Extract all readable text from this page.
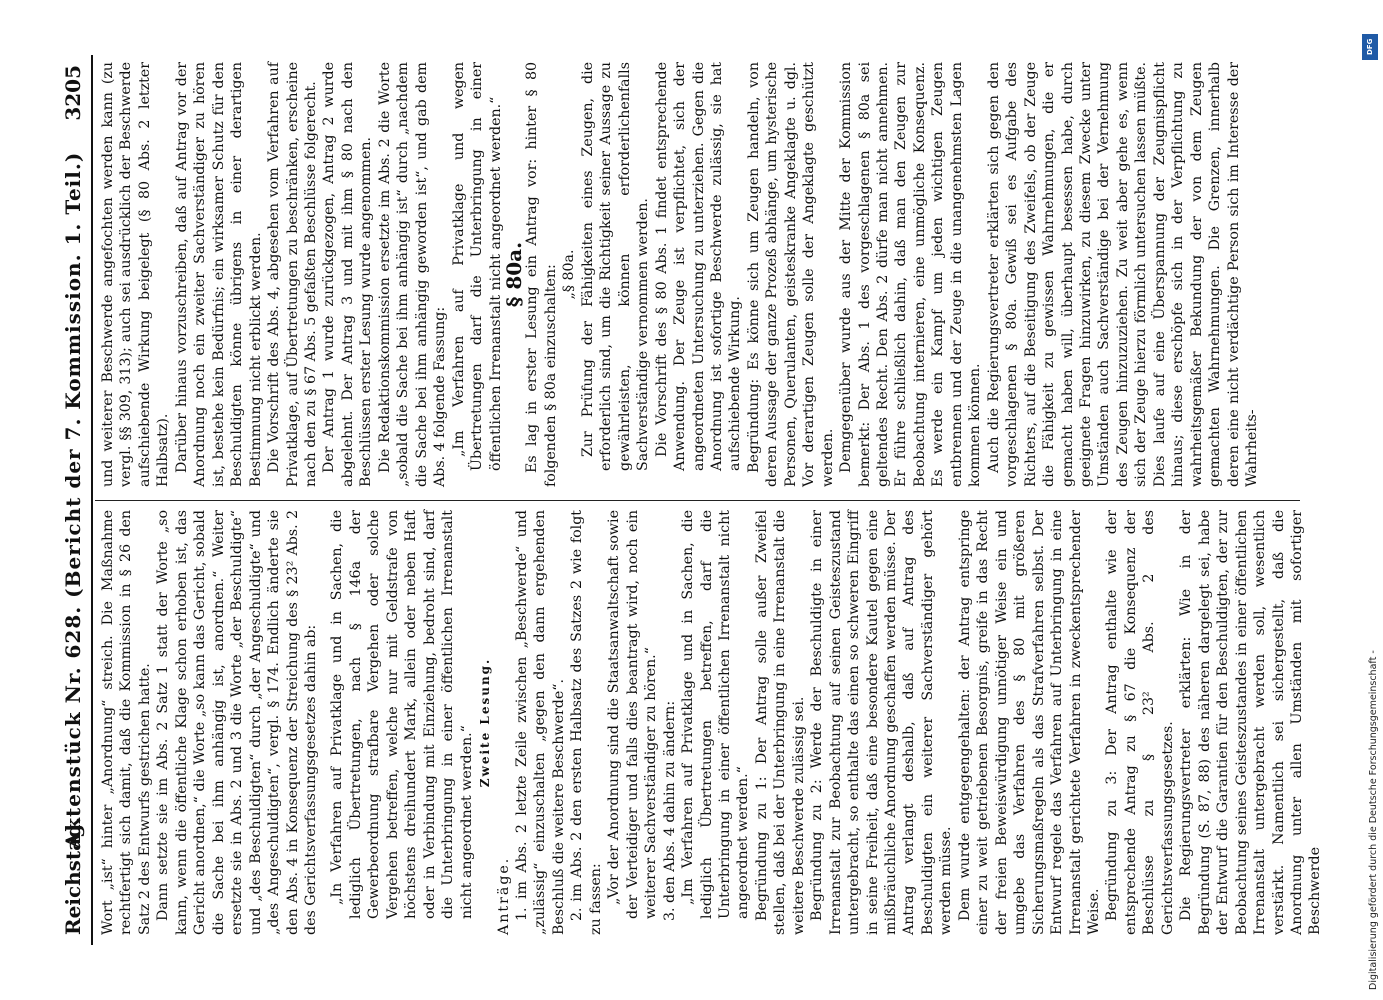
Reichstag.
Aktenstück Nr. 628. (Bericht der 7. Kommission. 1. Teil.)
3205

Wort „ist“ hinter „Anordnung“ streich. Die Maßnahme rechtfertigt sich damit, daß die Kommission in § 26 den Satz 2 des Entwurfs gestrichen hatte. Dann setzte sie im Abs. 2 Satz 1 statt der Worte „so kann, wenn die öffentliche Klage schon erhoben ist, das Gericht anordnen,“ die Worte „so kann das Gericht, sobald die Sache bei ihm anhängig ist, anordnen.“ Weiter ersetzte sie in Abs. 2 und 3 die Worte „der Beschuldigte“ und „des Beschuldigten“ durch „der Angeschuldigte“ und „des Angeschuldigten“, vergl. § 174. Endlich änderte sie den Abs. 4 in Konsequenz der Streichung des § 23² Abs. 2 des Gerichtsverfassungsgesetzes dahin ab: „In Verfahren auf Privatklage und in Sachen, die lediglich Übertretungen, nach § 146a der Gewerbeordnung strafbare Vergehen oder solche Vergehen betreffen, welche nur mit Geldstrafe von höchstens dreihundert Mark, allein oder neben Haft oder in Verbindung mit Einziehung, bedroht sind, darf die Unterbringung in einer öffentlichen Irrenanstalt nicht angeordnet werden.“

Zweite Lesung.

Anträge. 1. im Abs. 2 letzte Zeile zwischen „Beschwerde“ und „zulässig“ einzuschalten „gegen den dann ergehenden Beschluß die weitere Beschwerde“. 2. im Abs. 2 den ersten Halbsatz des Satzes 2 wie folgt zu fassen: „Vor der Anordnung sind die Staatsanwaltschaft sowie der Verteidiger und falls dies beantragt wird, noch ein weiterer Sachverständiger zu hören.“ 3. den Abs. 4 dahin zu ändern: „Im Verfahren auf Privatklage und in Sachen, die lediglich Übertretungen betreffen, darf die Unterbringung in einer öffentlichen Irrenanstalt nicht angeordnet werden.“ Begründung zu 1: Der Antrag solle außer Zweifel stellen, daß bei der Unterbringung in eine Irrenanstalt die weitere Beschwerde zulässig sei. Begründung zu 2: Werde der Beschuldigte in einer Irrenanstalt zur Beobachtung auf seinen Geisteszustand untergebracht, so enthalte das einen so schweren Eingriff in seine Freiheit, daß eine besondere Kautel gegen eine mißbräuchliche Anordnung geschaffen werden müsse. Der Antrag verlangt deshalb, daß auf Antrag des Beschuldigten ein weiterer Sachverständiger gehört werden müsse. Dem wurde entgegengehalten: der Antrag entspringe einer zu weit getriebenen Besorgnis, greife in das Recht der freien Beweiswürdigung unnötiger Weise ein und umgebe das Verfahren des § 80 mit größeren Sicherungsmaßregeln als das Strafverfahren selbst. Der Entwurf regele das Verfahren auf Unterbringung in eine Irrenanstalt gerichtete Verfahren in zweckentsprechender Weise. Begründung zu 3: Der Antrag enthalte wie der entsprechende Antrag zu § 67 die Konsequenz der Beschlüsse zu § 23² Abs. 2 des Gerichtsverfassungsgesetzes. Die Regierungsvertreter erklärten: Wie in der Begründung (S. 87, 88) des näheren dargelegt sei, habe der Entwurf die Garantien für den Beschuldigten, der zur Beobachtung seines Geisteszustandes in einer öffentlichen Irrenanstalt untergebracht werden soll, wesentlich verstärkt. Namentlich sei sichergestellt, daß die Anordnung unter allen Umständen mit sofortiger Beschwerde

und weiterer Beschwerde angefochten werden kann (zu vergl. §§ 309, 313); auch sei ausdrücklich der Beschwerde aufschiebende Wirkung beigelegt (§ 80 Abs. 2 letzter Halbsatz). Darüber hinaus vorzuschreiben, daß auf Antrag vor der Anordnung noch ein zweiter Sachverständiger zu hören ist, bestehe kein Bedürfnis; ein wirksamer Schutz für den Beschuldigten könne übrigens in einer derartigen Bestimmung nicht erblickt werden. Die Vorschrift des Abs. 4, abgesehen vom Verfahren auf Privatklage, auf Übertretungen zu beschränken, erscheine nach den zu § 67 Abs. 5 gefaßten Beschlüsse folgerecht. Der Antrag 1 wurde zurückgezogen, Antrag 2 wurde abgelehnt. Der Antrag 3 und mit ihm § 80 nach den Beschlüssen erster Lesung wurde angenommen. Die Redaktionskommission ersetzte im Abs. 2 die Worte „sobald die Sache bei ihm anhängig ist“ durch „nachdem die Sache bei ihm anhängig geworden ist“, und gab dem Abs. 4 folgende Fassung: „Im Verfahren auf Privatklage und wegen Übertretungen darf die Unterbringung in einer öffentlichen Irrenanstalt nicht angeordnet werden.“

§ 80a.

Es lag in erster Lesung ein Antrag vor: hinter § 80 folgenden § 80a einzuschalten: „§ 80a. Zur Prüfung der Fähigkeiten eines Zeugen, die erforderlich sind, um die Richtigkeit seiner Aussage zu gewährleisten, können erforderlichenfalls Sachverständige vernommen werden. Die Vorschrift des § 80 Abs. 1 findet entsprechende Anwendung. Der Zeuge ist verpflichtet, sich der angeordneten Untersuchung zu unterziehen. Gegen die Anordnung ist sofortige Beschwerde zulässig, sie hat aufschiebende Wirkung. Begründung: Es könne sich um Zeugen handeln, von deren Aussage der ganze Prozeß abhänge, um hysterische Personen, Querulanten, geisteskranke Angeklagte u. dgl. Vor derartigen Zeugen solle der Angeklagte geschützt werden. Demgegenüber wurde aus der Mitte der Kommission bemerkt: Der Abs. 1 des vorgeschlagenen § 80a sei geltendes Recht. Den Abs. 2 dürfe man nicht annehmen. Er führe schließlich dahin, daß man den Zeugen zur Beobachtung internieren, eine unmögliche Konsequenz. Es werde ein Kampf um jeden wichtigen Zeugen entbrennen und der Zeuge in die unangenehmsten Lagen kommen können. Auch die Regierungsvertreter erklärten sich gegen den vorgeschlagenen § 80a. Gewiß sei es Aufgabe des Richters, auf die Beseitigung des Zweifels, ob der Zeuge die Fähigkeit zu gewissen Wahrnehmungen, die er gemacht haben will, überhaupt besessen habe, durch geeignete Fragen hinzuwirken, zu diesem Zwecke unter Umständen auch Sachverständige bei der Vernehmung des Zeugen hinzuzuziehen. Zu weit aber gehe es, wenn sich der Zeuge hierzu förmlich untersuchen lassen müßte. Dies laufe auf eine Überspannung der Zeugnispflicht hinaus; diese erschöpfe sich in der Verpflichtung zu wahrheitsgemäßer Bekundung der von dem Zeugen gemachten Wahrnehmungen. Die Grenzen, innerhalb deren eine nicht verdächtige Person sich im Interesse der Wahrheits-

Digitalisierung gefördert durch die Deutsche Forschungsgemeinschaft -
DFG
